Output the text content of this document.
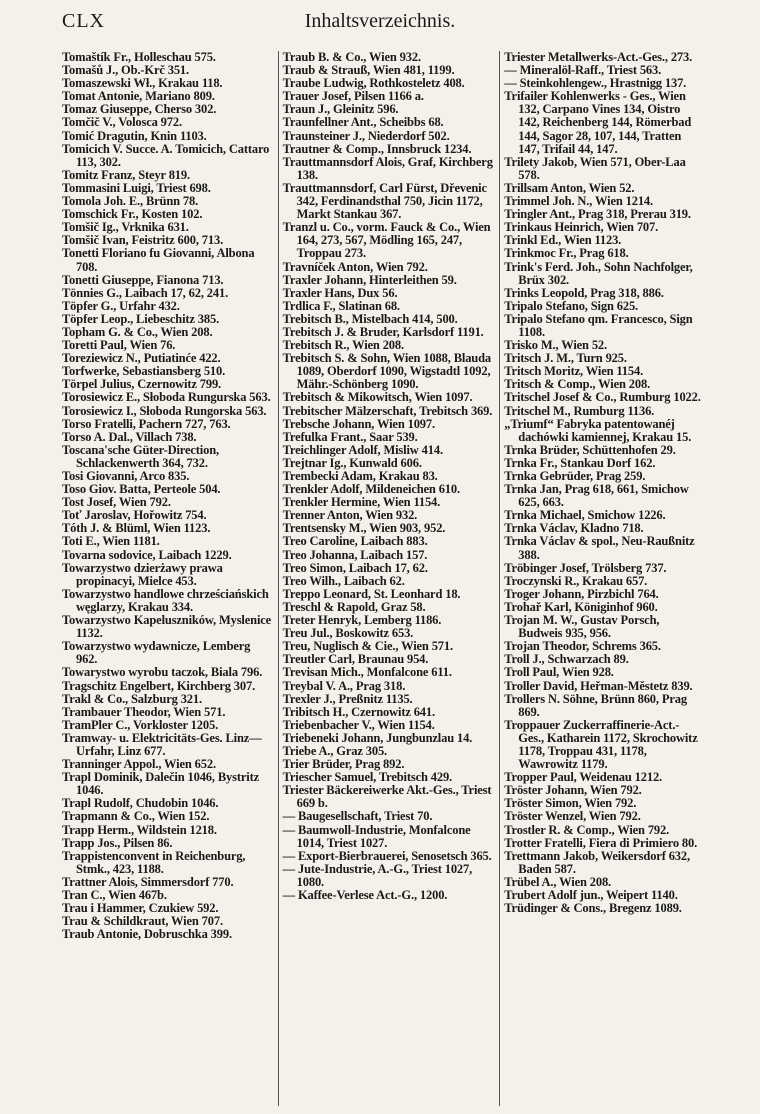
CLX	Inhaltsverzeichnis.
Tomaštík Fr., Holleschau 575.
Tomašů J., Ob.-Krč 351.
Tomaszewski Wł., Krakau 118.
Tomat Antonie, Mariano 809.
Tomaz Giuseppe, Cherso 302.
Tomčič V., Volosca 972.
Tomić Dragutin, Knin 1103.
Tomicich V. Succe. A. Tomicich, Cattaro 113, 302.
Tomitz Franz, Steyr 819.
Tommasini Luigi, Triest 698.
Tomola Joh. E., Brünn 78.
Tomschick Fr., Kosten 102.
Tomšič Ig., Vrknika 631.
Tomšič Ivan, Feistritz 600, 713.
Tonetti Floriano fu Giovanni, Albona 708.
Tonetti Giuseppe, Fianona 713.
Tönnies G., Laibach 17, 62, 241.
Töpfer G., Urfahr 432.
Töpfer Leop., Liebeschitz 385.
Topham G. & Co., Wien 208.
Toretti Paul, Wien 76.
Toreziewicz N., Putiatinće 422.
Torfwerke, Sebastiansberg 510.
Törpel Julius, Czernowitz 799.
Torosiewicz E., Słoboda Rungurska 563.
Torosiewicz I., Słoboda Rungorska 563.
Torso Fratelli, Pachern 727, 763.
Torso A. Dal., Villach 738.
Toscana'sche Güter-Direction, Schlackenwerth 364, 732.
Tosi Giovanni, Arco 835.
Toso Giov. Batta, Perteole 504.
Tost Josef, Wien 792.
Toť Jaroslav, Hořowitz 754.
Tóth J. & Blüml, Wien 1123.
Toti E., Wien 1181.
Tovarna sodovice, Laibach 1229.
Towarzystwo dzierżawy prawa propinacyi, Mielce 453.
Towarzystwo handlowe chrześciańskich węglarzy, Krakau 334.
Towarzystwo Kapeluszników, Myslenice 1132.
Towarzystwo wydawnicze, Lemberg 962.
Towarystwo wyrobu taczok, Biala 796.
Tragschitz Engelbert, Kirchberg 307.
Trakl & Co., Salzburg 321.
Trambauer Theodor, Wien 571.
TramPler C., Vorkloster 1205.
Tramway- u. Elektricitäts-Ges. Linz—Urfahr, Linz 677.
Tranninger Appol., Wien 652.
Trapl Dominik, Dalečin 1046, Bystritz 1046.
Trapl Rudolf, Chudobin 1046.
Trapmann & Co., Wien 152.
Trapp Herm., Wildstein 1218.
Trapp Jos., Pilsen 86.
Trappistenconvent in Reichenburg, Stmk., 423, 1188.
Trattner Alois, Simmersdorf 770.
Tran C., Wien 467b.
Trau i Hammer, Czukiew 592.
Trau & Schildkraut, Wien 707.
Traub Antonie, Dobruschka 399.
Traub B. & Co., Wien 932.
Traub & Strauß, Wien 481, 1199.
Traube Ludwig, Rothkosteletz 408.
Trauer Josef, Pilsen 1166 a.
Traun J., Gleinitz 596.
Traunfellner Ant., Scheibbs 68.
Traunsteiner J., Niederdorf 502.
Trautner & Comp., Innsbruck 1234.
Trauttmannsdorf Alois, Graf, Kirchberg 138.
Trauttmannsdorf, Carl Fürst, Dřevenic 342, Ferdinandsthal 750, Jicin 1172, Markt Stankau 367.
Tranzl u. Co., vorm. Fauck & Co., Wien 164, 273, 567, Mödling 165, 247, Troppau 273.
Travníček Anton, Wien 792.
Traxler Johann, Hinterleithen 59.
Traxler Hans, Dux 56.
Trdlica F., Slatinan 68.
Trebitsch B., Mistelbach 414, 500.
Trebitsch J. & Bruder, Karlsdorf 1191.
Trebitsch R., Wien 208.
Trebitsch S. & Sohn, Wien 1088, Blauda 1089, Oberdorf 1090, Wigstadtl 1092, Mähr.-Schönberg 1090.
Trebitsch & Mikowitsch, Wien 1097.
Trebitscher Mälzerschaft, Trebitsch 369.
Trebsche Johann, Wien 1097.
Trefulka Frant., Saar 539.
Treichlinger Adolf, Misliw 414.
Trejtnar Ig., Kunwald 606.
Trembecki Adam, Krakau 83.
Trenkler Adolf, Mildeneichen 610.
Trenkler Hermine, Wien 1154.
Trenner Anton, Wien 932.
Trentsensky M., Wien 903, 952.
Treo Caroline, Laibach 883.
Treo Johanna, Laibach 157.
Treo Simon, Laibach 17, 62.
Treo Wilh., Laibach 62.
Treppo Leonard, St. Leonhard 18.
Treschl & Rapold, Graz 58.
Treter Henryk, Lemberg 1186.
Treu Jul., Boskowitz 653.
Treu, Nuglisch & Cie., Wien 571.
Treutler Carl, Braunau 954.
Trevisan Mich., Monfalcone 611.
Treybal V. A., Prag 318.
Trexler J., Preßnitz 1135.
Tribitsch H., Czernowitz 641.
Triebenbacher V., Wien 1154.
Triebeneki Johann, Jungbunzlau 14.
Triebe A., Graz 305.
Trier Brüder, Prag 892.
Triescher Samuel, Trebitsch 429.
Triester Bäckereiwerke Akt.-Ges., Triest 669 b.
— Baugesellschaft, Triest 70.
— Baumwoll-Industrie, Monfalcone 1014, Triest 1027.
— Export-Bierbrauerei, Senosetsch 365.
— Jute-Industrie, A.-G., Triest 1027, 1080.
— Kaffee-Verlese Act.-G., 1200.
Triester Metallwerks-Act.-Ges., 273.
— Mineralöl-Raff., Triest 563.
— Steinkohlengew., Hrastnigg 137.
Trifailer Kohlenwerks - Ges., Wien 132, Carpano Vines 134, Oistro 142, Reichenberg 144, Römerbad 144, Sagor 28, 107, 144, Tratten 147, Trifail 44, 147.
Trilety Jakob, Wien 571, Ober-Laa 578.
Trillsam Anton, Wien 52.
Trimmel Joh. N., Wien 1214.
Tringler Ant., Prag 318, Prerau 319.
Trinkaus Heinrich, Wien 707.
Trinkl Ed., Wien 1123.
Trinkmoc Fr., Prag 618.
Trink's Ferd. Joh., Sohn Nachfolger, Brüx 302.
Trinks Leopold, Prag 318, 886.
Tripalo Stefano, Sign 625.
Tripalo Stefano qm. Francesco, Sign 1108.
Trisko M., Wien 52.
Tritsch J. M., Turn 925.
Tritsch Moritz, Wien 1154.
Tritsch & Comp., Wien 208.
Tritschel Josef & Co., Rumburg 1022.
Tritschel M., Rumburg 1136.
„Triumf“ Fabryka patentowanéj dachówki kamiennej, Krakau 15.
Trnka Brüder, Schüttenhofen 29.
Trnka Fr., Stankau Dorf 162.
Trnka Gebrüder, Prag 259.
Trnka Jan, Prag 618, 661, Smichow 625, 663.
Trnka Michael, Smichow 1226.
Trnka Václav, Kladno 718.
Trnka Václav & spol., Neu-Raußnitz 388.
Tröbinger Josef, Trölsberg 737.
Troczynski R., Krakau 657.
Troger Johann, Pirzbichl 764.
Trohař Karl, Königinhof 960.
Trojan M. W., Gustav Porsch, Budweis 935, 956.
Trojan Theodor, Schrems 365.
Troll J., Schwarzach 89.
Troll Paul, Wien 928.
Troller David, Heřman-Městetz 839.
Trollers N. Söhne, Brünn 860, Prag 869.
Troppauer Zuckerraffinerie-Act.-Ges., Katharein 1172, Skrochowitz 1178, Troppau 431, 1178, Wawrowitz 1179.
Tropper Paul, Weidenau 1212.
Tröster Johann, Wien 792.
Tröster Simon, Wien 792.
Tröster Wenzel, Wien 792.
Trostler R. & Comp., Wien 792.
Trotter Fratelli, Fiera di Primiero 80.
Trettmann Jakob, Weikersdorf 632, Baden 587.
Trübel A., Wien 208.
Trubert Adolf jun., Weipert 1140.
Trüdinger & Cons., Bregenz 1089.
